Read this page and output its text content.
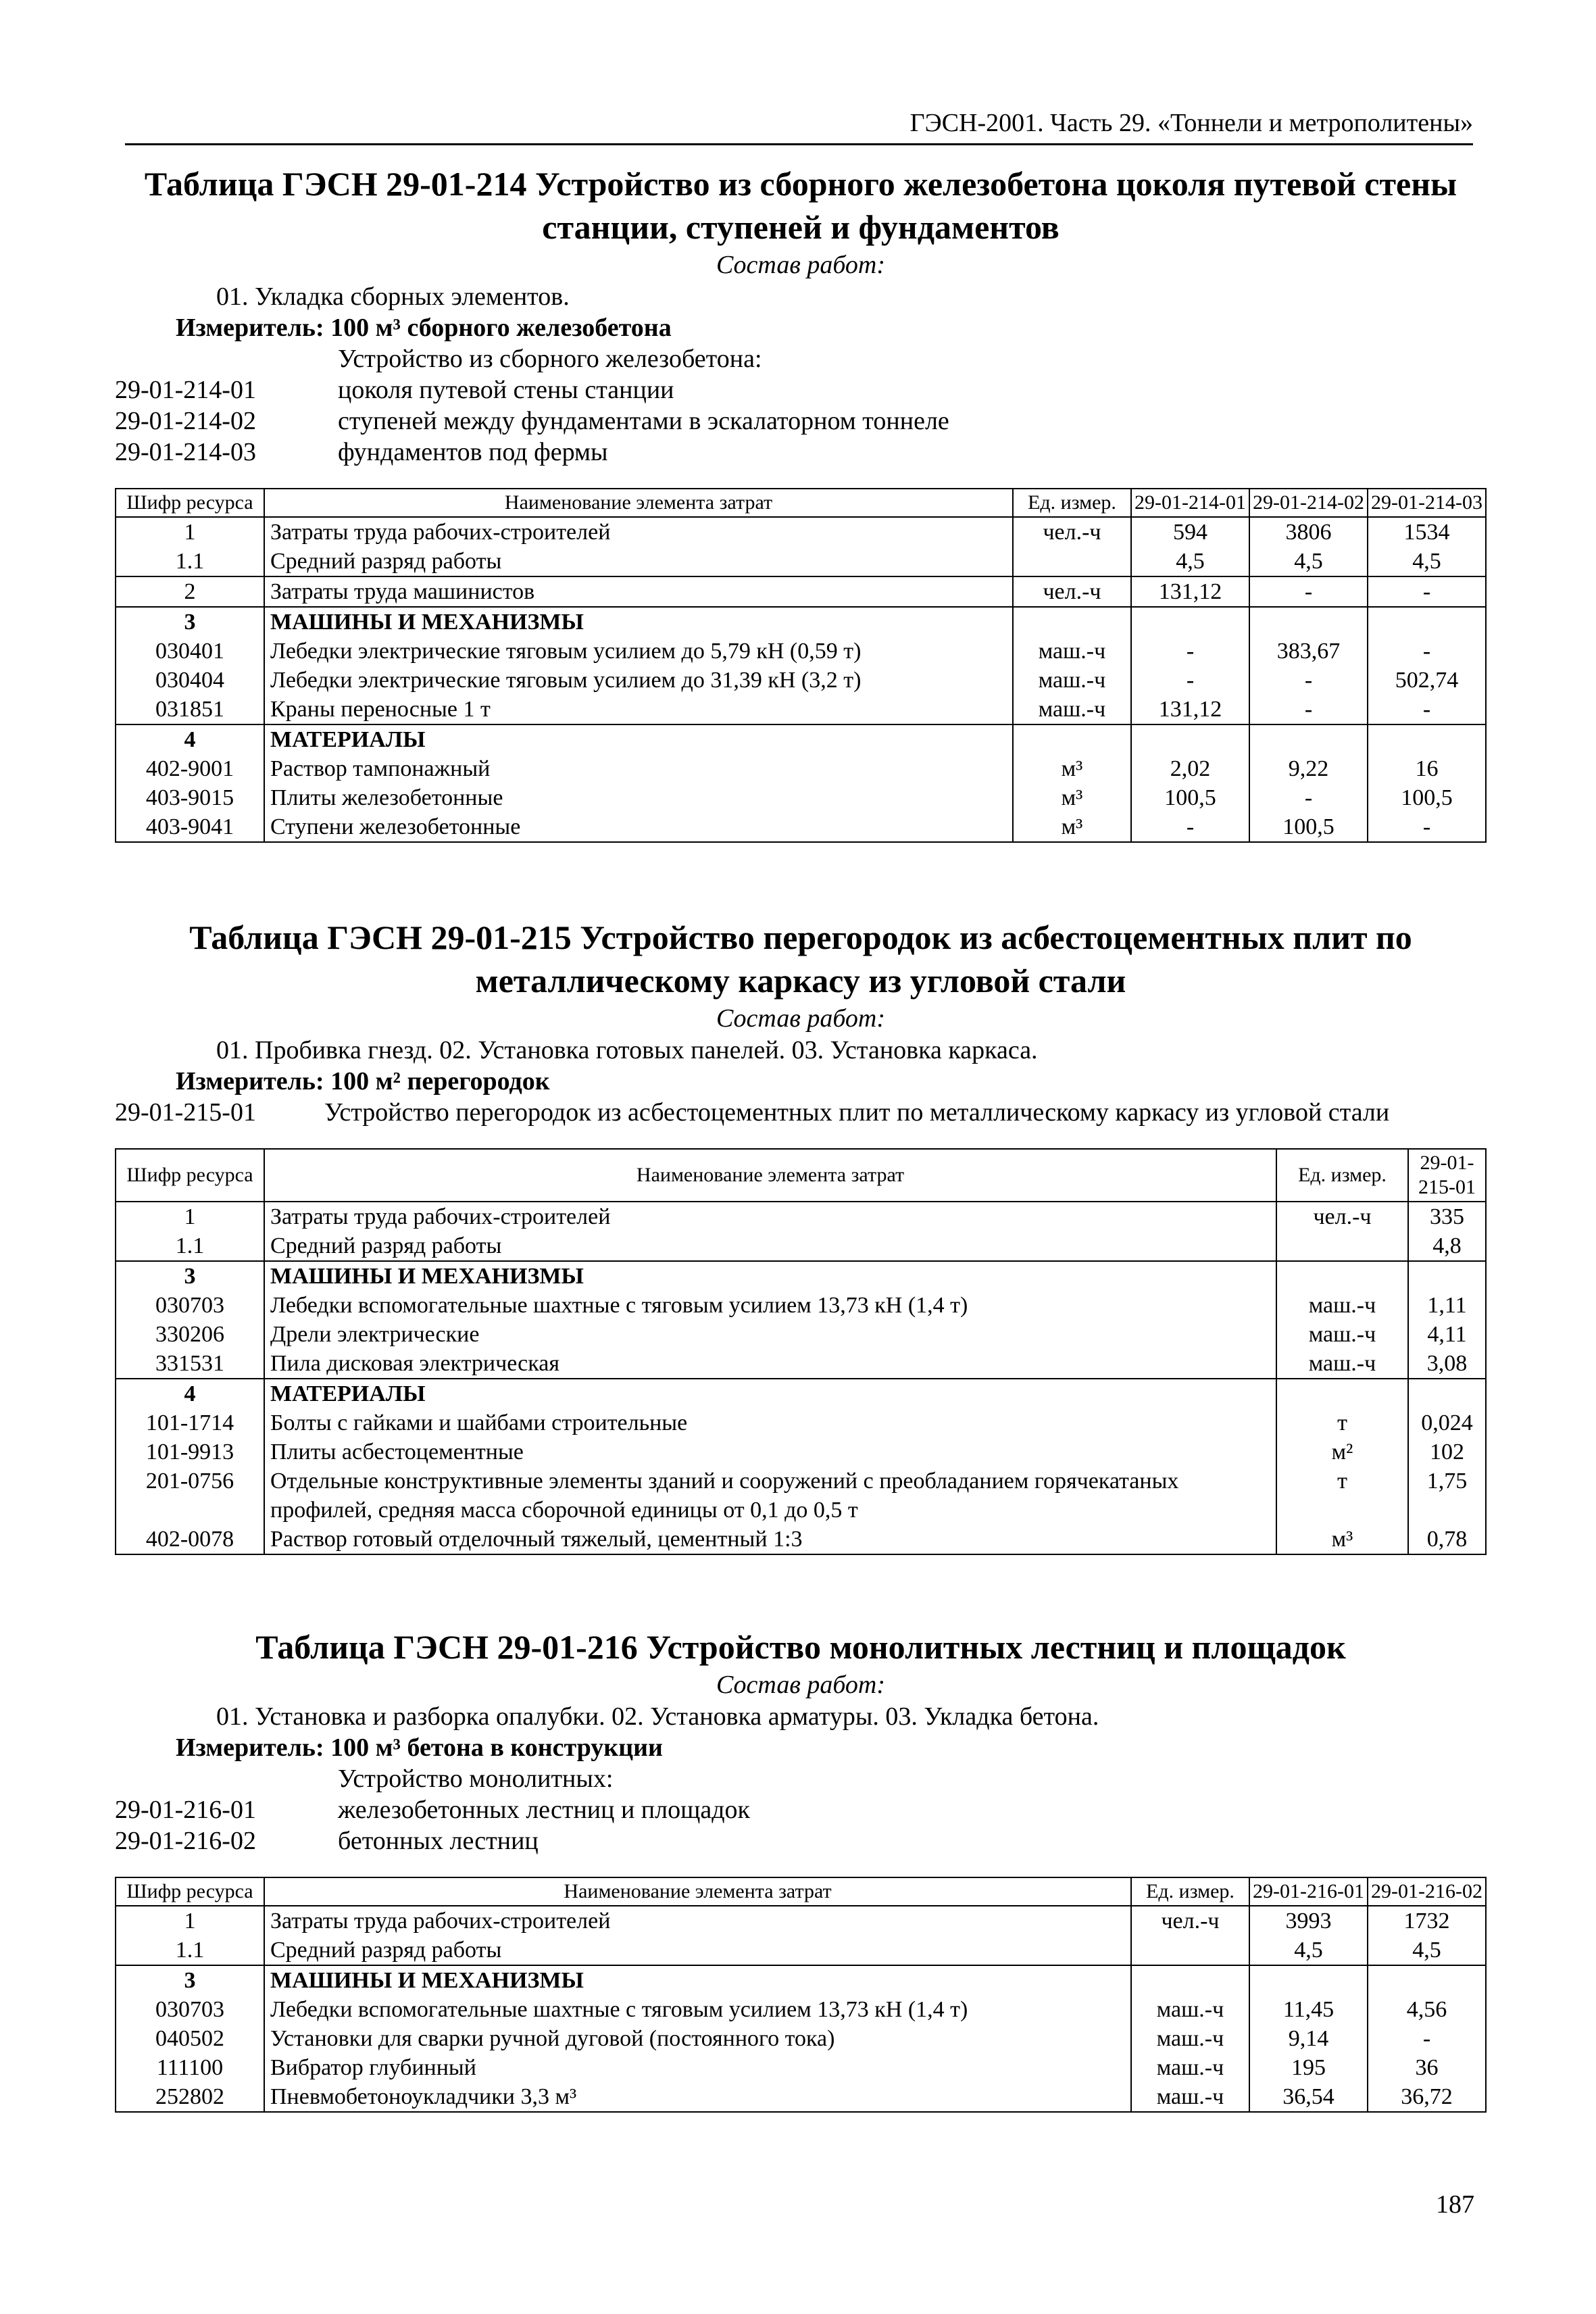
ГЭСН-2001. Часть 29. «Тоннели и метрополитены»
Таблица ГЭСН 29-01-214 Устройство из сборного железобетона цоколя путевой стены станции, ступеней и фундаментов
Состав работ:
01. Укладка сборных элементов.
Измеритель: 100 м³ сборного железобетона
Устройство из сборного железобетона:
29-01-214-01	цоколя путевой стены станции
29-01-214-02	ступеней между фундаментами в эскалаторном тоннеле
29-01-214-03	фундаментов под фермы
Шифр ресурса	Наименование элемента затрат	Ед. измер.	29-01-214-01	29-01-214-02	29-01-214-03
1	Затраты труда рабочих-строителей	чел.-ч	594	3806	1534
1.1	Средний разряд работы		4,5	4,5	4,5
2	Затраты труда машинистов	чел.-ч	131,12	-	-
3	МАШИНЫ И МЕХАНИЗМЫ				
030401	Лебедки электрические тяговым усилием до 5,79 кН (0,59 т)	маш.-ч	-	383,67	-
030404	Лебедки электрические тяговым усилием до 31,39 кН (3,2 т)	маш.-ч	-	-	502,74
031851	Краны переносные 1 т	маш.-ч	131,12	-	-
4	МАТЕРИАЛЫ				
402-9001	Раствор тампонажный	м³	2,02	9,22	16
403-9015	Плиты железобетонные	м³	100,5	-	100,5
403-9041	Ступени железобетонные	м³	-	100,5	-
Таблица ГЭСН 29-01-215 Устройство перегородок из асбестоцементных плит по металлическому каркасу из угловой стали
Состав работ:
01. Пробивка гнезд. 02. Установка готовых панелей. 03. Установка каркаса.
Измеритель: 100 м² перегородок
29-01-215-01	Устройство перегородок из асбестоцементных плит по металлическому каркасу из угловой стали
Шифр ресурса	Наименование элемента затрат	Ед. измер.	29-01-215-01
1	Затраты труда рабочих-строителей	чел.-ч	335
1.1	Средний разряд работы		4,8
3	МАШИНЫ И МЕХАНИЗМЫ		
030703	Лебедки вспомогательные шахтные с тяговым усилием 13,73 кН (1,4 т)	маш.-ч	1,11
330206	Дрели электрические	маш.-ч	4,11
331531	Пила дисковая электрическая	маш.-ч	3,08
4	МАТЕРИАЛЫ		
101-1714	Болты с гайками и шайбами строительные	т	0,024
101-9913	Плиты асбестоцементные	м²	102
201-0756	Отдельные конструктивные элементы зданий и сооружений с преобладанием горячекатаных профилей, средняя масса сборочной единицы от 0,1 до 0,5 т	т	1,75
402-0078	Раствор готовый отделочный тяжелый, цементный 1:3	м³	0,78
Таблица ГЭСН 29-01-216 Устройство монолитных лестниц и площадок
Состав работ:
01. Установка и разборка опалубки. 02. Установка арматуры. 03. Укладка бетона.
Измеритель: 100 м³ бетона в конструкции
Устройство монолитных:
29-01-216-01	железобетонных лестниц и площадок
29-01-216-02	бетонных лестниц
Шифр ресурса	Наименование элемента затрат	Ед. измер.	29-01-216-01	29-01-216-02
1	Затраты труда рабочих-строителей	чел.-ч	3993	1732
1.1	Средний разряд работы		4,5	4,5
3	МАШИНЫ И МЕХАНИЗМЫ			
030703	Лебедки вспомогательные шахтные с тяговым усилием 13,73 кН (1,4 т)	маш.-ч	11,45	4,56
040502	Установки для сварки ручной дуговой (постоянного тока)	маш.-ч	9,14	-
111100	Вибратор глубинный	маш.-ч	195	36
252802	Пневмобетоноукладчики 3,3 м³	маш.-ч	36,54	36,72
187
